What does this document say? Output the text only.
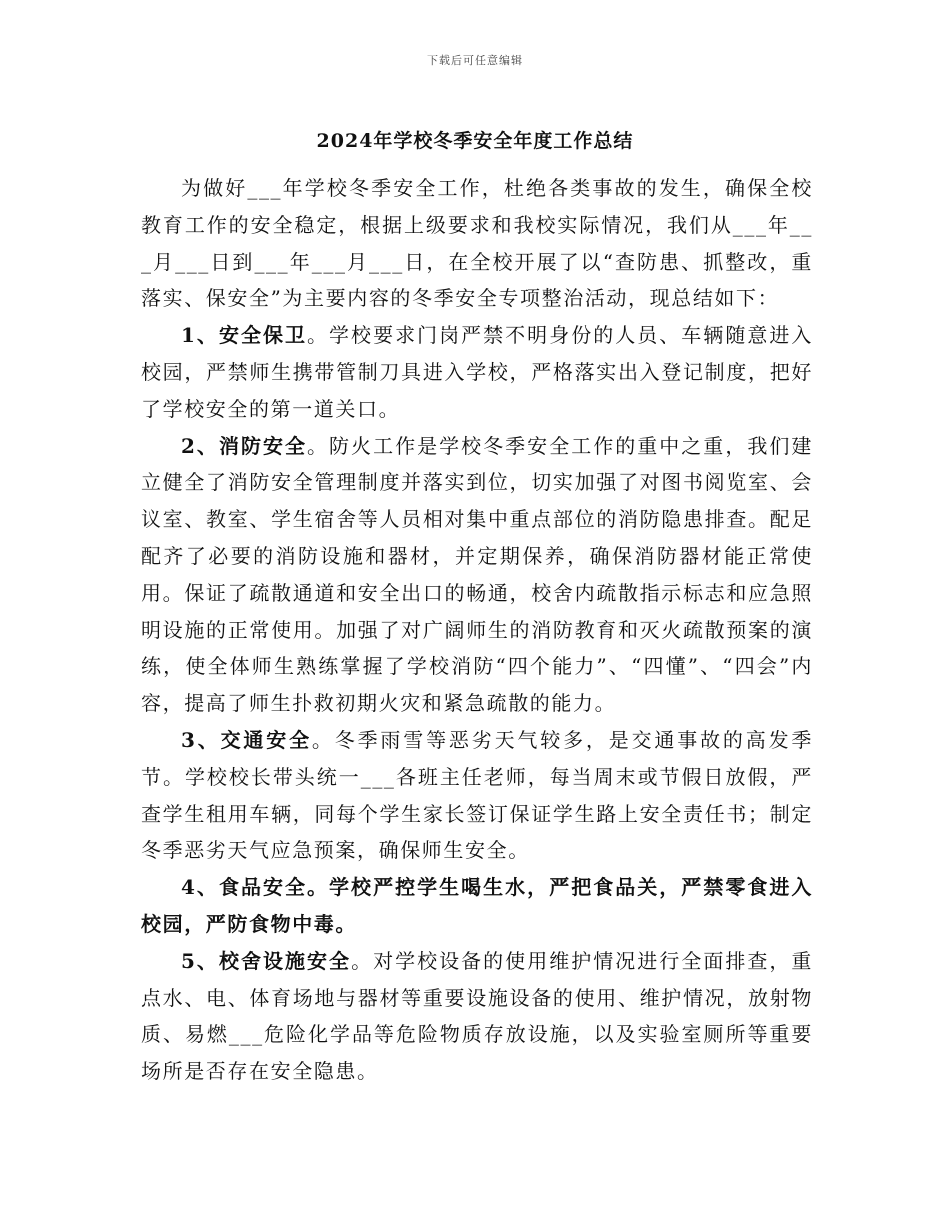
下载后可任意编辑
2024年学校冬季安全年度工作总结

为做好___年学校冬季安全工作，杜绝各类事故的发生，确保全校教育工作的安全稳定，根据上级要求和我校实际情况，我们从___年___月___日到___年___月___日，在全校开展了以“查防患、抓整改，重落实、保安全”为主要内容的冬季安全专项整治活动，现总结如下：

1、安全保卫。学校要求门岗严禁不明身份的人员、车辆随意进入校园，严禁师生携带管制刀具进入学校，严格落实出入登记制度，把好了学校安全的第一道关口。

2、消防安全。防火工作是学校冬季安全工作的重中之重，我们建立健全了消防安全管理制度并落实到位，切实加强了对图书阅览室、会议室、教室、学生宿舍等人员相对集中重点部位的消防隐患排查。配足配齐了必要的消防设施和器材，并定期保养，确保消防器材能正常使用。保证了疏散通道和安全出口的畅通，校舍内疏散指示标志和应急照明设施的正常使用。加强了对广阔师生的消防教育和灭火疏散预案的演练，使全体师生熟练掌握了学校消防“四个能力”、“四懂”、“四会”内容，提高了师生扑救初期火灾和紧急疏散的能力。

3、交通安全。冬季雨雪等恶劣天气较多，是交通事故的高发季节。学校校长带头统一___各班主任老师，每当周末或节假日放假，严查学生租用车辆，同每个学生家长签订保证学生路上安全责任书；制定冬季恶劣天气应急预案，确保师生安全。

4、食品安全。学校严控学生喝生水，严把食品关，严禁零食进入校园，严防食物中毒。

5、校舍设施安全。对学校设备的使用维护情况进行全面排查，重点水、电、体育场地与器材等重要设施设备的使用、维护情况，放射物质、易燃___危险化学品等危险物质存放设施，以及实验室厕所等重要场所是否存在安全隐患。
